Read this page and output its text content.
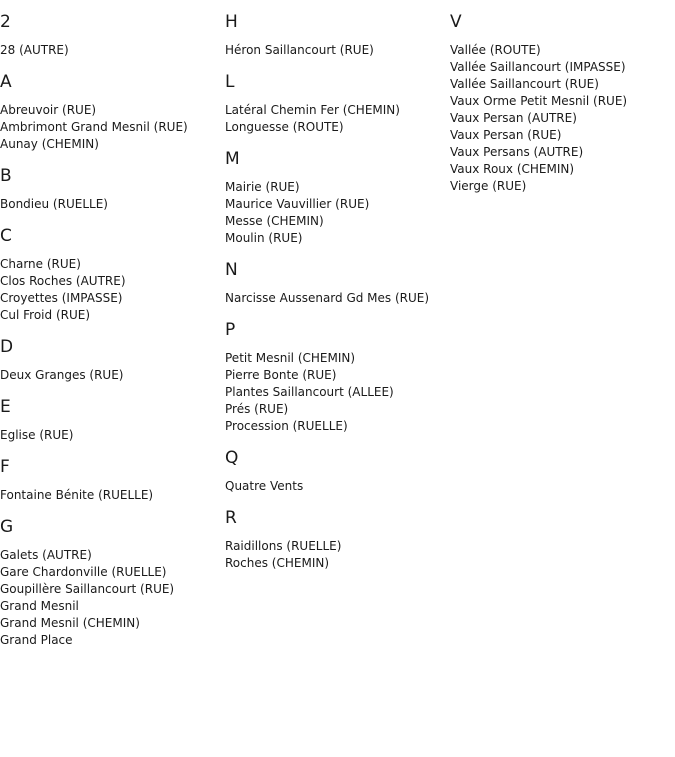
2
28 (AUTRE)
A
Abreuvoir (RUE)
Ambrimont Grand Mesnil (RUE)
Aunay (CHEMIN)
B
Bondieu (RUELLE)
C
Charne (RUE)
Clos Roches (AUTRE)
Croyettes (IMPASSE)
Cul Froid (RUE)
D
Deux Granges (RUE)
E
Eglise (RUE)
F
Fontaine Bénite (RUELLE)
G
Galets (AUTRE)
Gare Chardonville (RUELLE)
Goupillère Saillancourt (RUE)
Grand Mesnil
Grand Mesnil (CHEMIN)
Grand Place
H
Héron Saillancourt (RUE)
L
Latéral Chemin Fer (CHEMIN)
Longuesse (ROUTE)
M
Mairie (RUE)
Maurice Vauvillier (RUE)
Messe (CHEMIN)
Moulin (RUE)
N
Narcisse Aussenard Gd Mes (RUE)
P
Petit Mesnil (CHEMIN)
Pierre Bonte (RUE)
Plantes Saillancourt (ALLEE)
Prés (RUE)
Procession (RUELLE)
Q
Quatre Vents
R
Raidillons (RUELLE)
Roches (CHEMIN)
V
Vallée (ROUTE)
Vallée Saillancourt (IMPASSE)
Vallée Saillancourt (RUE)
Vaux Orme Petit Mesnil (RUE)
Vaux Persan (AUTRE)
Vaux Persan (RUE)
Vaux Persans (AUTRE)
Vaux Roux (CHEMIN)
Vierge (RUE)
